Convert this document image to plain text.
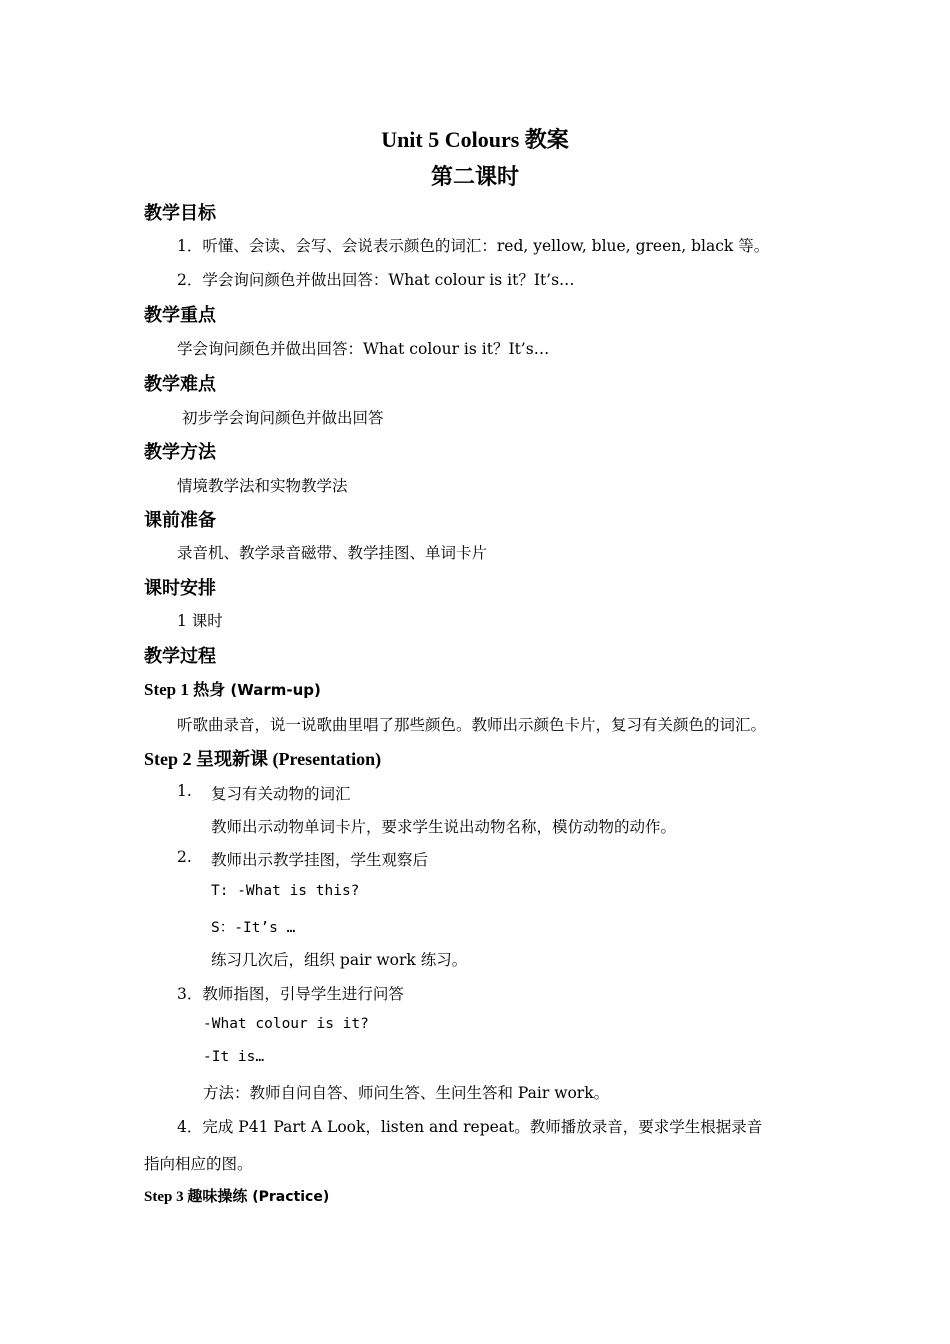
Unit 5 Colours 教案
第二课时
教学目标
1．听懂、会读、会写、会说表示颜色的词汇：red, yellow, blue, green, black 等。
2．学会询问颜色并做出回答：What colour is it？It’s…
教学重点
学会询问颜色并做出回答：What colour is it？It’s…
教学难点
初步学会询问颜色并做出回答
教学方法
情境教学法和实物教学法
课前准备
录音机、教学录音磁带、教学挂图、单词卡片
课时安排
1 课时
教学过程
Step 1 热身 (Warm-up)
听歌曲录音，说一说歌曲里唱了那些颜色。教师出示颜色卡片，复习有关颜色的词汇。
Step 2 呈现新课 (Presentation)
1. 复习有关动物的词汇
教师出示动物单词卡片，要求学生说出动物名称，模仿动物的动作。
2. 教师出示教学挂图，学生观察后
T: -What is this?
S：-It’s …
练习几次后，组织 pair work 练习。
3．教师指图，引导学生进行问答
-What colour is it?
-It is…
方法：教师自问自答、师问生答、生问生答和 Pair work。
4．完成 P41 Part A Look，listen and repeat。教师播放录音，要求学生根据录音
指向相应的图。
Step 3 趣味操练 (Practice)
